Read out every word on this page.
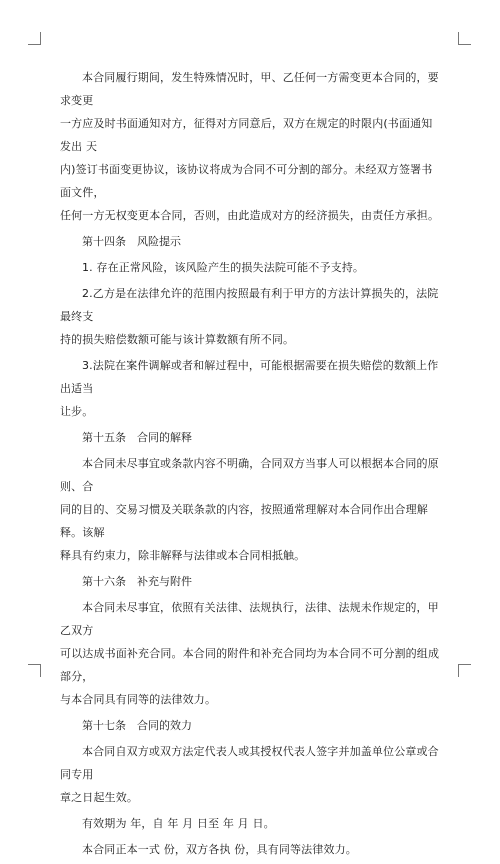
本合同履行期间，发生特殊情况时，甲、乙任何一方需变更本合同的，要求变更
一方应及时书面通知对方，征得对方同意后，双方在规定的时限内(书面通知发出 天
内)签订书面变更协议，该协议将成为合同不可分割的部分。未经双方签署书面文件，
任何一方无权变更本合同，否则，由此造成对方的经济损失，由责任方承担。
第十四条　风险提示
1. 存在正常风险，该风险产生的损失法院可能不予支持。
2.乙方是在法律允许的范围内按照最有利于甲方的方法计算损失的，法院最终支
持的损失赔偿数额可能与该计算数额有所不同。
3.法院在案件调解或者和解过程中，可能根据需要在损失赔偿的数额上作出适当
让步。
第十五条　合同的解释
本合同未尽事宜或条款内容不明确，合同双方当事人可以根据本合同的原则、合
同的目的、交易习惯及关联条款的内容，按照通常理解对本合同作出合理解释。该解
释具有约束力，除非解释与法律或本合同相抵触。
第十六条　补充与附件
本合同未尽事宜，依照有关法律、法规执行，法律、法规未作规定的，甲乙双方
可以达成书面补充合同。本合同的附件和补充合同均为本合同不可分割的组成部分，
与本合同具有同等的法律效力。
第十七条　合同的效力
本合同自双方或双方法定代表人或其授权代表人签字并加盖单位公章或合同专用
章之日起生效。
有效期为 年，自 年 月 日至 年 月 日。
本合同正本一式 份，双方各执 份，具有同等法律效力。
